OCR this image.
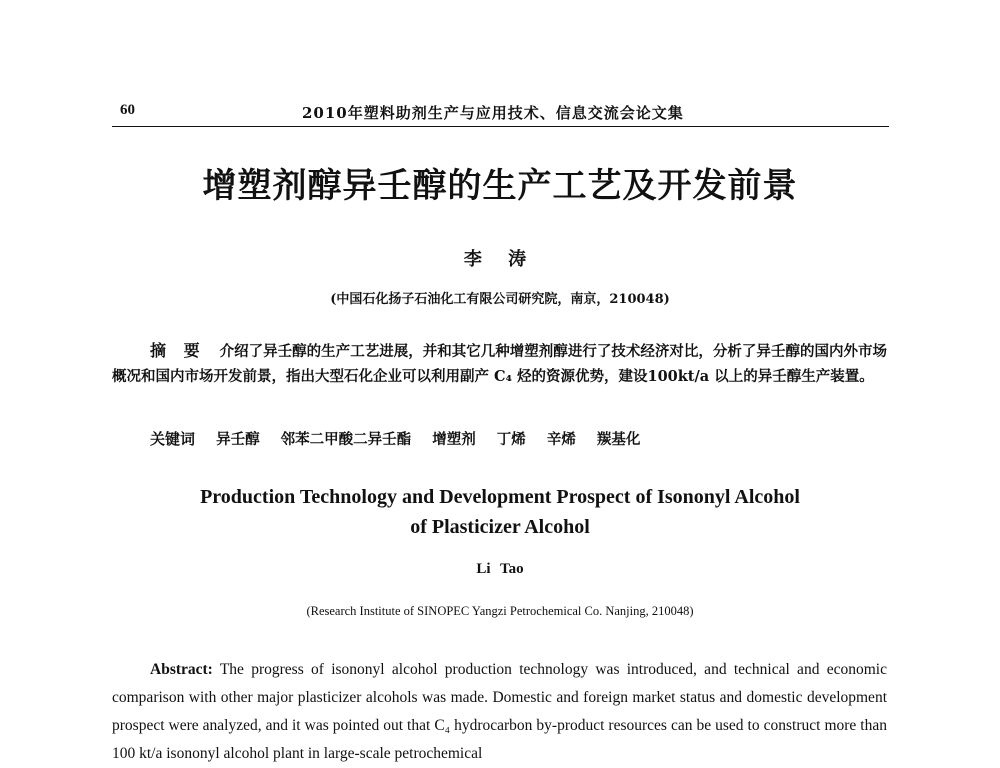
60	2010年塑料助剂生产与应用技术、信息交流会论文集
增塑剂醇异壬醇的生产工艺及开发前景
李 涛
(中国石化扬子石油化工有限公司研究院，南京，210048)
摘 要 介绍了异壬醇的生产工艺进展，并和其它几种增塑剂醇进行了技术经济对比，分析了异壬醇的国内外市场概况和国内市场开发前景，指出大型石化企业可以利用副产 C₄ 烃的资源优势，建设100kt/a 以上的异壬醇生产装置。
关键词 异壬醇 邻苯二甲酸二异壬酯 增塑剂 丁烯 辛烯 羰基化
Production Technology and Development Prospect of Isononyl Alcohol
of Plasticizer Alcohol
Li Tao
(Research Institute of SINOPEC Yangzi Petrochemical Co. Nanjing, 210048)
Abstract: The progress of isononyl alcohol production technology was introduced, and technical and economic comparison with other major plasticizer alcohols was made. Domestic and foreign market status and domestic development prospect were analyzed, and it was pointed out that C₄ hydrocarbon by-product resources can be used to construct more than 100 kt/a isononyl alcohol plant in large-scale petrochemical
